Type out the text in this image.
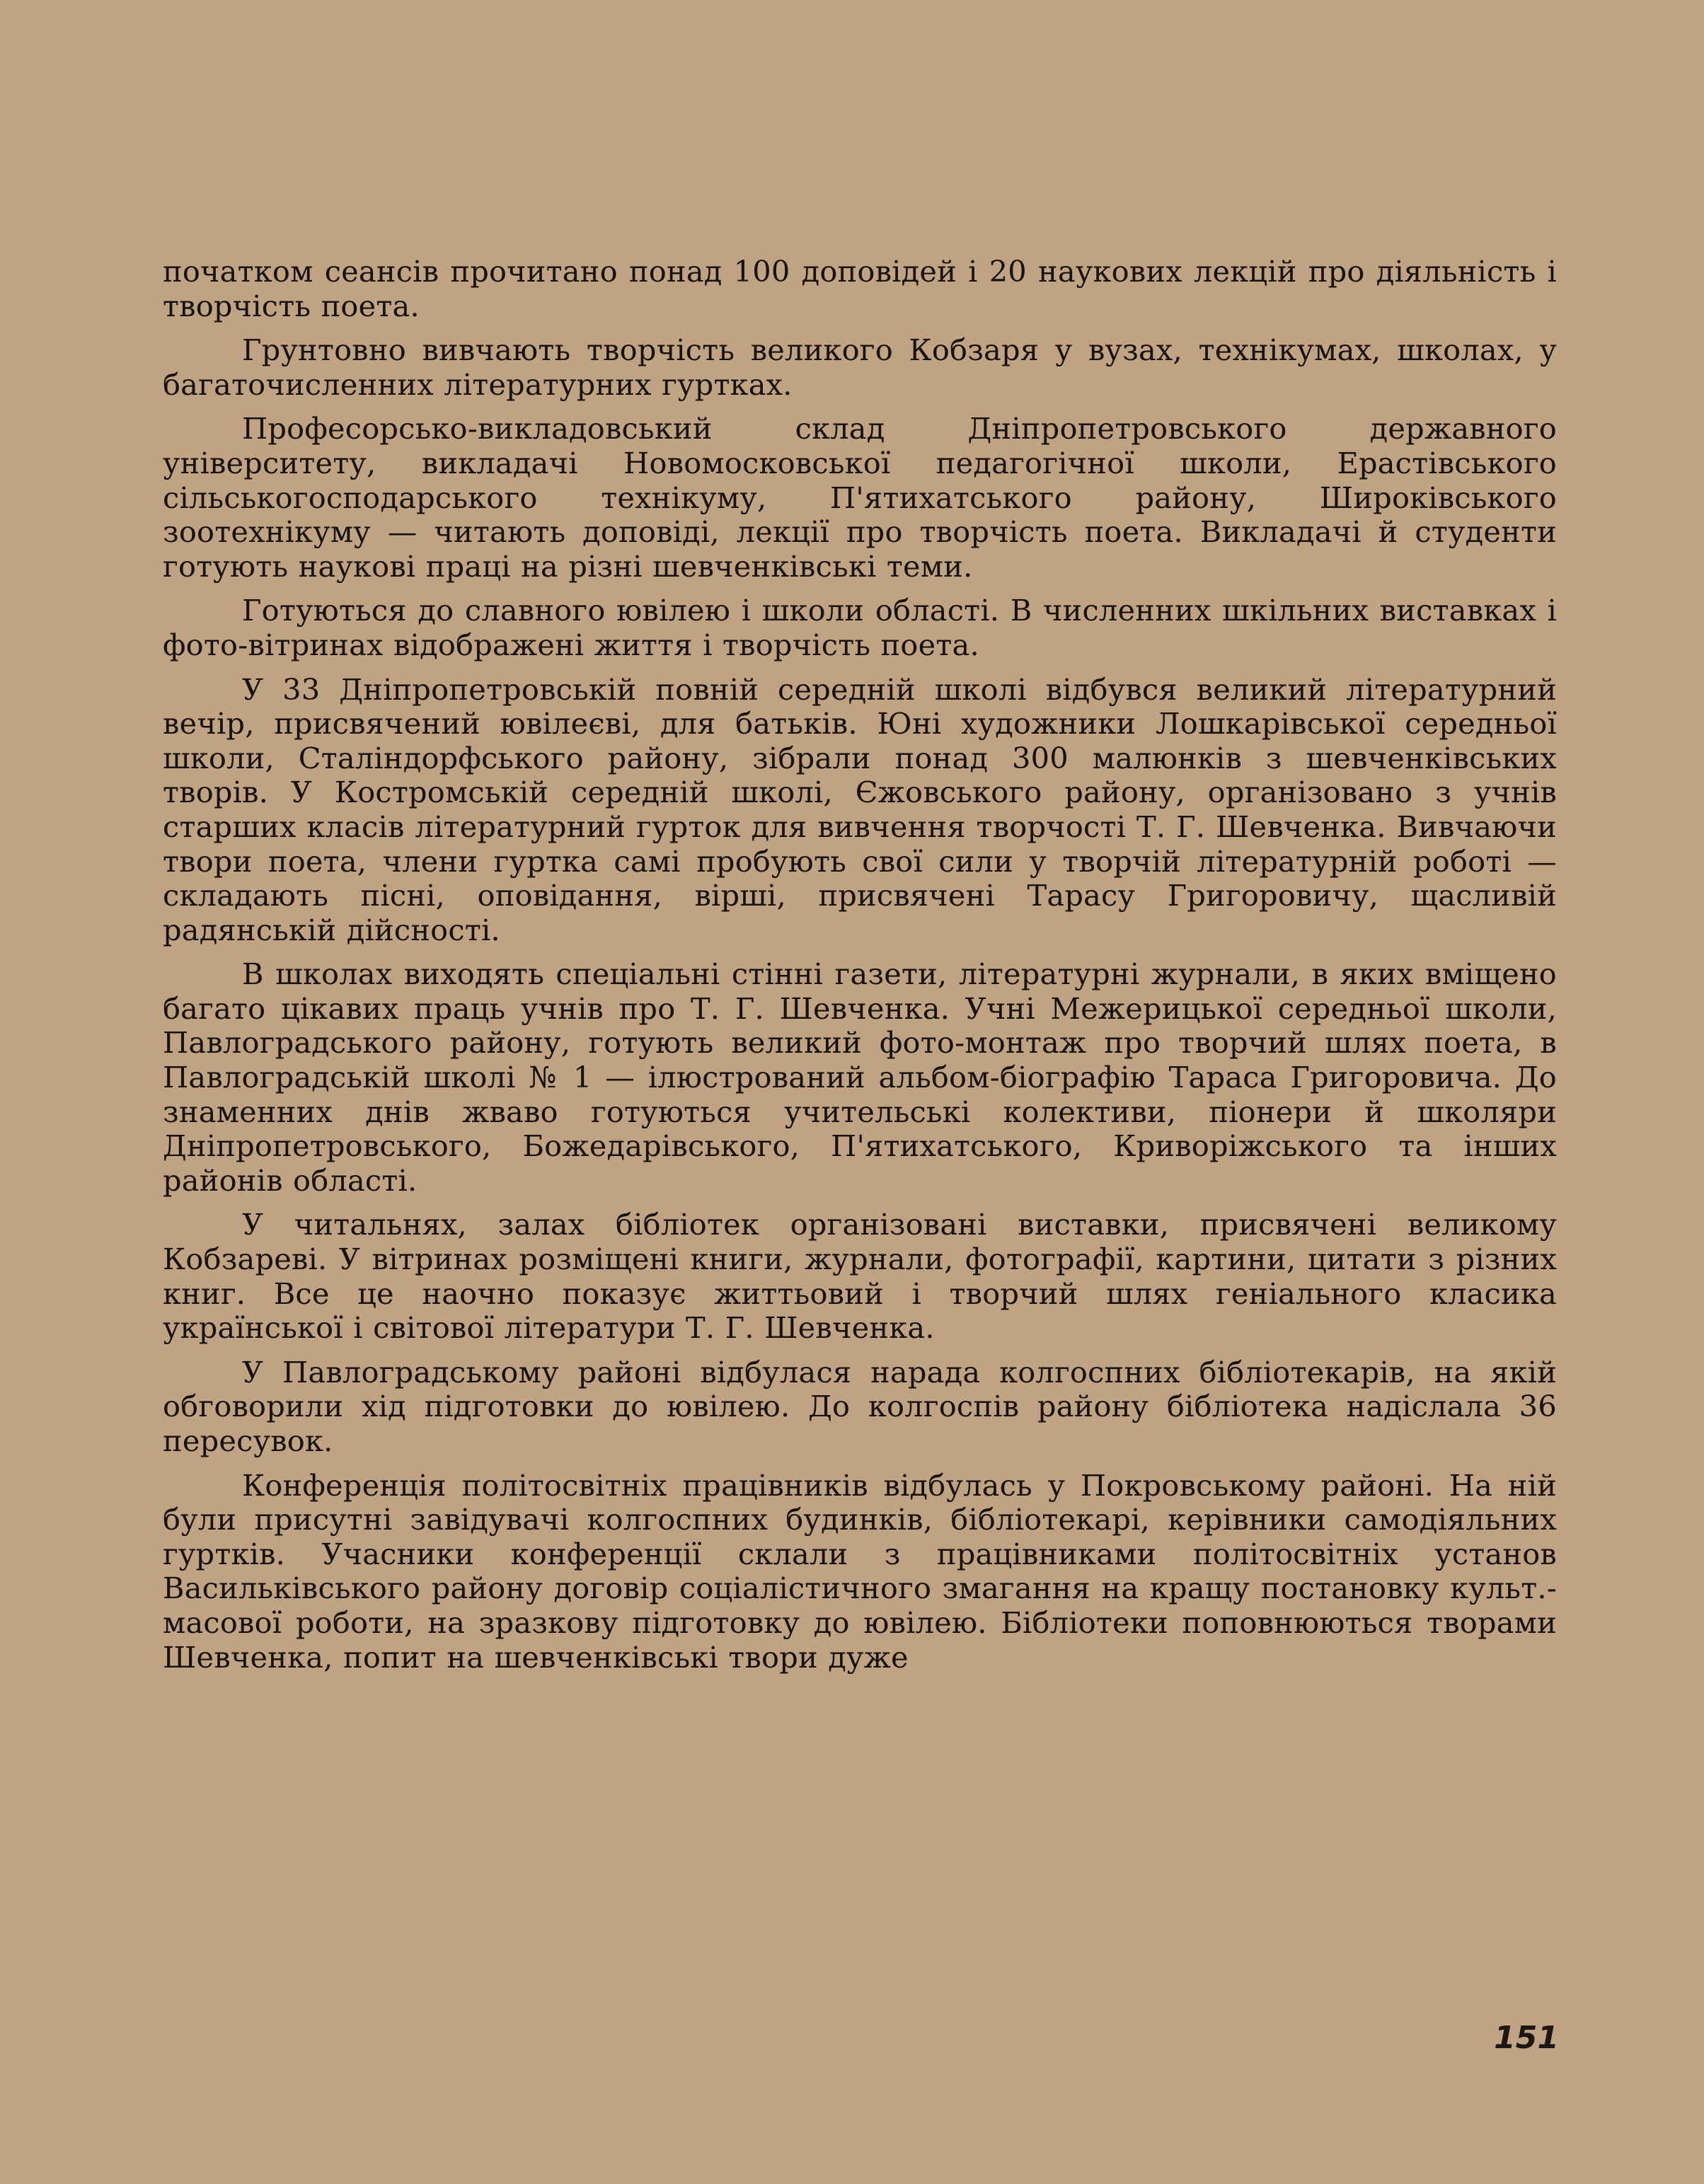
початком сеансів прочитано понад 100 доповідей і 20 наукових лекцій про діяльність і творчість поета.

Грунтовно вивчають творчість великого Кобзаря у вузах, технікумах, школах, у багаточисленних літературних гуртках.

Професорсько-викладовський склад Дніпропетровського державного університету, викладачі Новомосковської педагогічної школи, Ерастівського сільськогосподарського технікуму, П'ятихатського району, Широківського зоотехнікуму — читають доповіді, лекції про творчість поета. Викладачі й студенти готують наукові праці на різні шевченківські теми.

Готуються до славного ювілею і школи області. В численних шкільних виставках і фото-вітринах відображені життя і творчість поета.

У 33 Дніпропетровській повній середній школі відбувся великий літературний вечір, присвячений ювілеєві, для батьків. Юні художники Лошкарівської середньої школи, Сталіндорфського району, зібрали понад 300 малюнків з шевченківських творів. У Костромській середній школі, Єжовського району, організовано з учнів старших класів літературний гурток для вивчення творчості Т. Г. Шевченка. Вивчаючи твори поета, члени гуртка самі пробують свої сили у творчій літературній роботі — складають пісні, оповідання, вірші, присвячені Тарасу Григоровичу, щасливій радянській дійсності.

В школах виходять спеціальні стінні газети, літературні журнали, в яких вміщено багато цікавих праць учнів про Т. Г. Шевченка. Учні Межерицької середньої школи, Павлоградського району, готують великий фото-монтаж про творчий шлях поета, в Павлоградській школі № 1 — ілюстрований альбом-біографію Тараса Григоровича. До знаменних днів жваво готуються учительські колективи, піонери й школяри Дніпропетровського, Божедарівського, П'ятихатського, Криворіжського та інших районів області.

У читальнях, залах бібліотек організовані виставки, присвячені великому Кобзареві. У вітринах розміщені книги, журнали, фотографії, картини, цитати з різних книг. Все це наочно показує життьовий і творчий шлях геніального класика української і світової літератури Т. Г. Шевченка.

У Павлоградському районі відбулася нарада колгоспних бібліотекарів, на якій обговорили хід підготовки до ювілею. До колгоспів району бібліотека надіслала 36 пересувок.

Конференція політосвітніх працівників відбулась у Покровському районі. На ній були присутні завідувачі колгоспних будинків, бібліотекарі, керівники самодіяльних гуртків. Учасники конференції склали з працівниками політосвітніх установ Васильківського району договір соціалістичного змагання на кращу постановку культ.-масової роботи, на зразкову підготовку до ювілею. Бібліотеки поповнюються творами Шевченка, попит на шевченківські твори дуже

151
